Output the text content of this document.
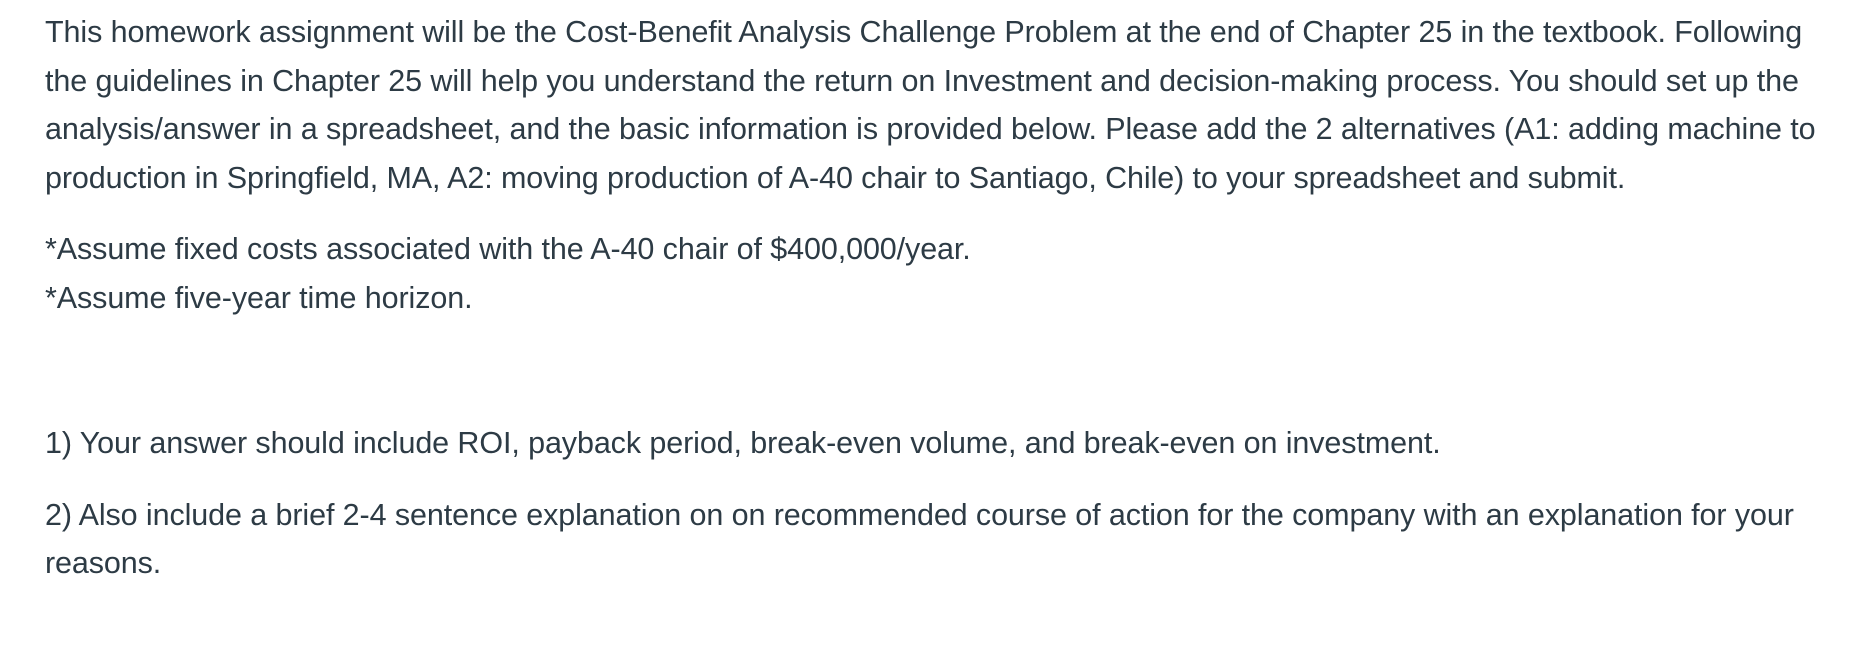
This homework assignment will be the Cost-Benefit Analysis Challenge Problem at the end of Chapter 25 in the textbook. Following the guidelines in Chapter 25 will help you understand the return on Investment and decision-making process. You should set up the analysis/answer in a spreadsheet, and the basic information is provided below. Please add the 2 alternatives (A1: adding machine to production in Springfield, MA, A2: moving production of A-40 chair to Santiago, Chile) to your spreadsheet and submit.

*Assume fixed costs associated with the A-40 chair of $400,000/year.

*Assume five-year time horizon.

1) Your answer should include ROI, payback period, break-even volume, and break-even on investment.

2) Also include a brief 2-4 sentence explanation on on recommended course of action for the company with an explanation for your reasons.
